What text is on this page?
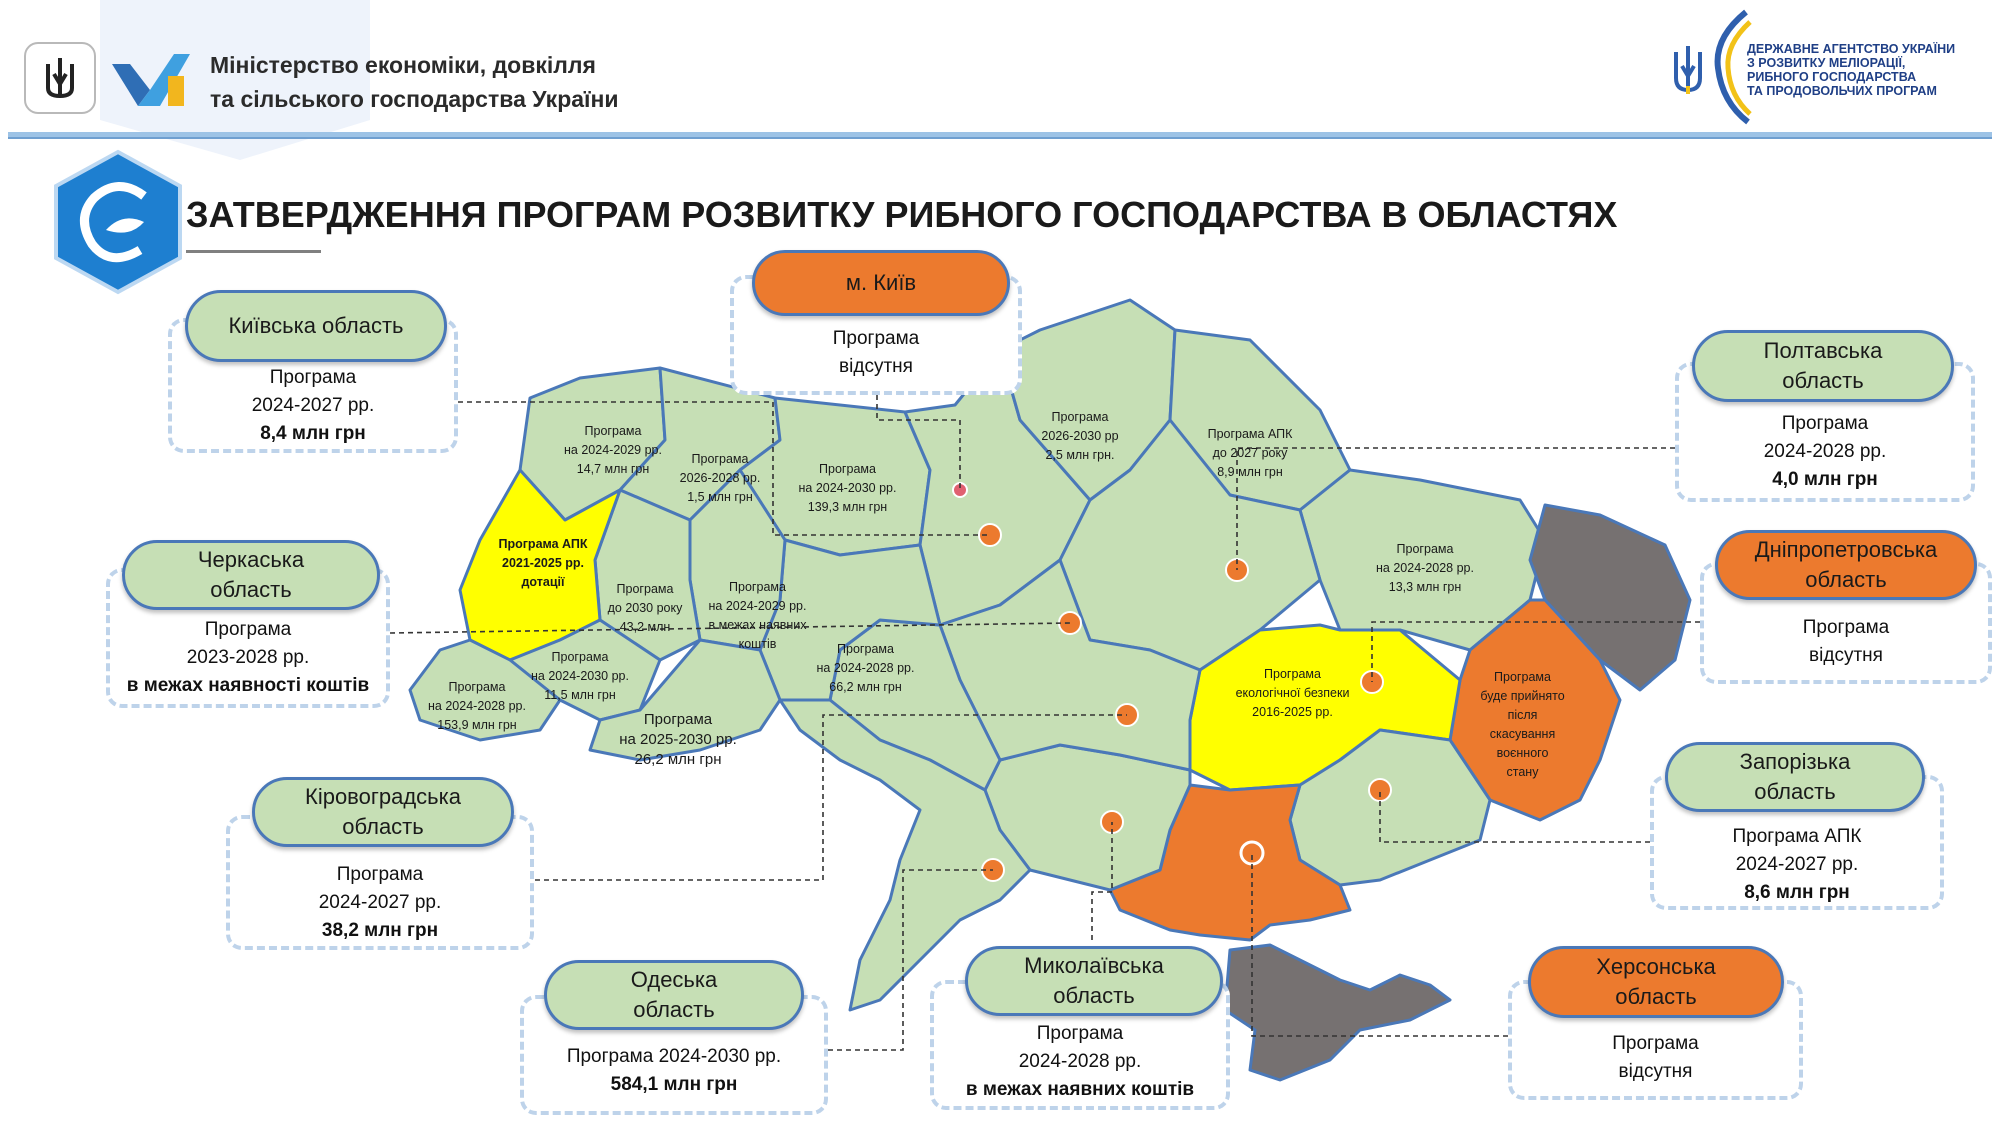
Міністерство економіки, довкілля
та сільського господарства України
ДЕРЖАВНЕ АГЕНТСТВО УКРАЇНИ
З РОЗВИТКУ МЕЛІОРАЦІЇ,
РИБНОГО ГОСПОДАРСТВА
ТА ПРОДОВОЛЬЧИХ ПРОГРАМ
ЗАТВЕРДЖЕННЯ ПРОГРАМ РОЗВИТКУ РИБНОГО ГОСПОДАРСТВА В ОБЛАСТЯХ
Програма
на 2024-2029 рр.
14,7 млн грн
Програма
2026-2028 рр.
1,5 млн грн
Програма
на 2024-2030 рр.
139,3 млн грн
Програма
2026-2030 рр
2,5 млн грн.
Програма АПК
до 2027 року
8,9 млн грн
Програма
на 2024-2028 рр.
13,3 млн грн
Програма АПК
2021-2025 рр.
дотації	Програма
до 2030 року
43,2 млн
Програма
на 2024-2029 рр.
в межах наявних
коштів	Програма
на 2024-2028 рр.
66,2 млн грн
Програма
на 2024-2030 рр.
11,5 млн грн
Програма
на 2024-2028 рр.
153,9 млн грн	Програма
на 2025-2030 рр.
26,2 млн грн
Програма
екологічної безпеки
2016-2025 рр.
Програма
буде прийнято
після
скасування
воєнного
стану
Програма
відсутня
м. Київ
Програма
2024-2027 рр.
8,4 млн грн
Київська область
Програма
2023-2028 рр.
в межах наявності коштів
Черкаська
область
Програма
2024-2027 рр.
38,2 млн грн
Кіровоградська
область
Програма 2024-2030 рр.
584,1 млн грн
Одеська
область
Програма
2024-2028 рр.
в межах наявних коштів
Миколаївська
область
Програма
відсутня
Херсонська
область
Програма АПК
2024-2027 рр.
8,6 млн грн
Запорізька
область
Програма
відсутня
Дніпропетровська
область
Програма
2024-2028 рр.
4,0 млн грн
Полтавська
область
